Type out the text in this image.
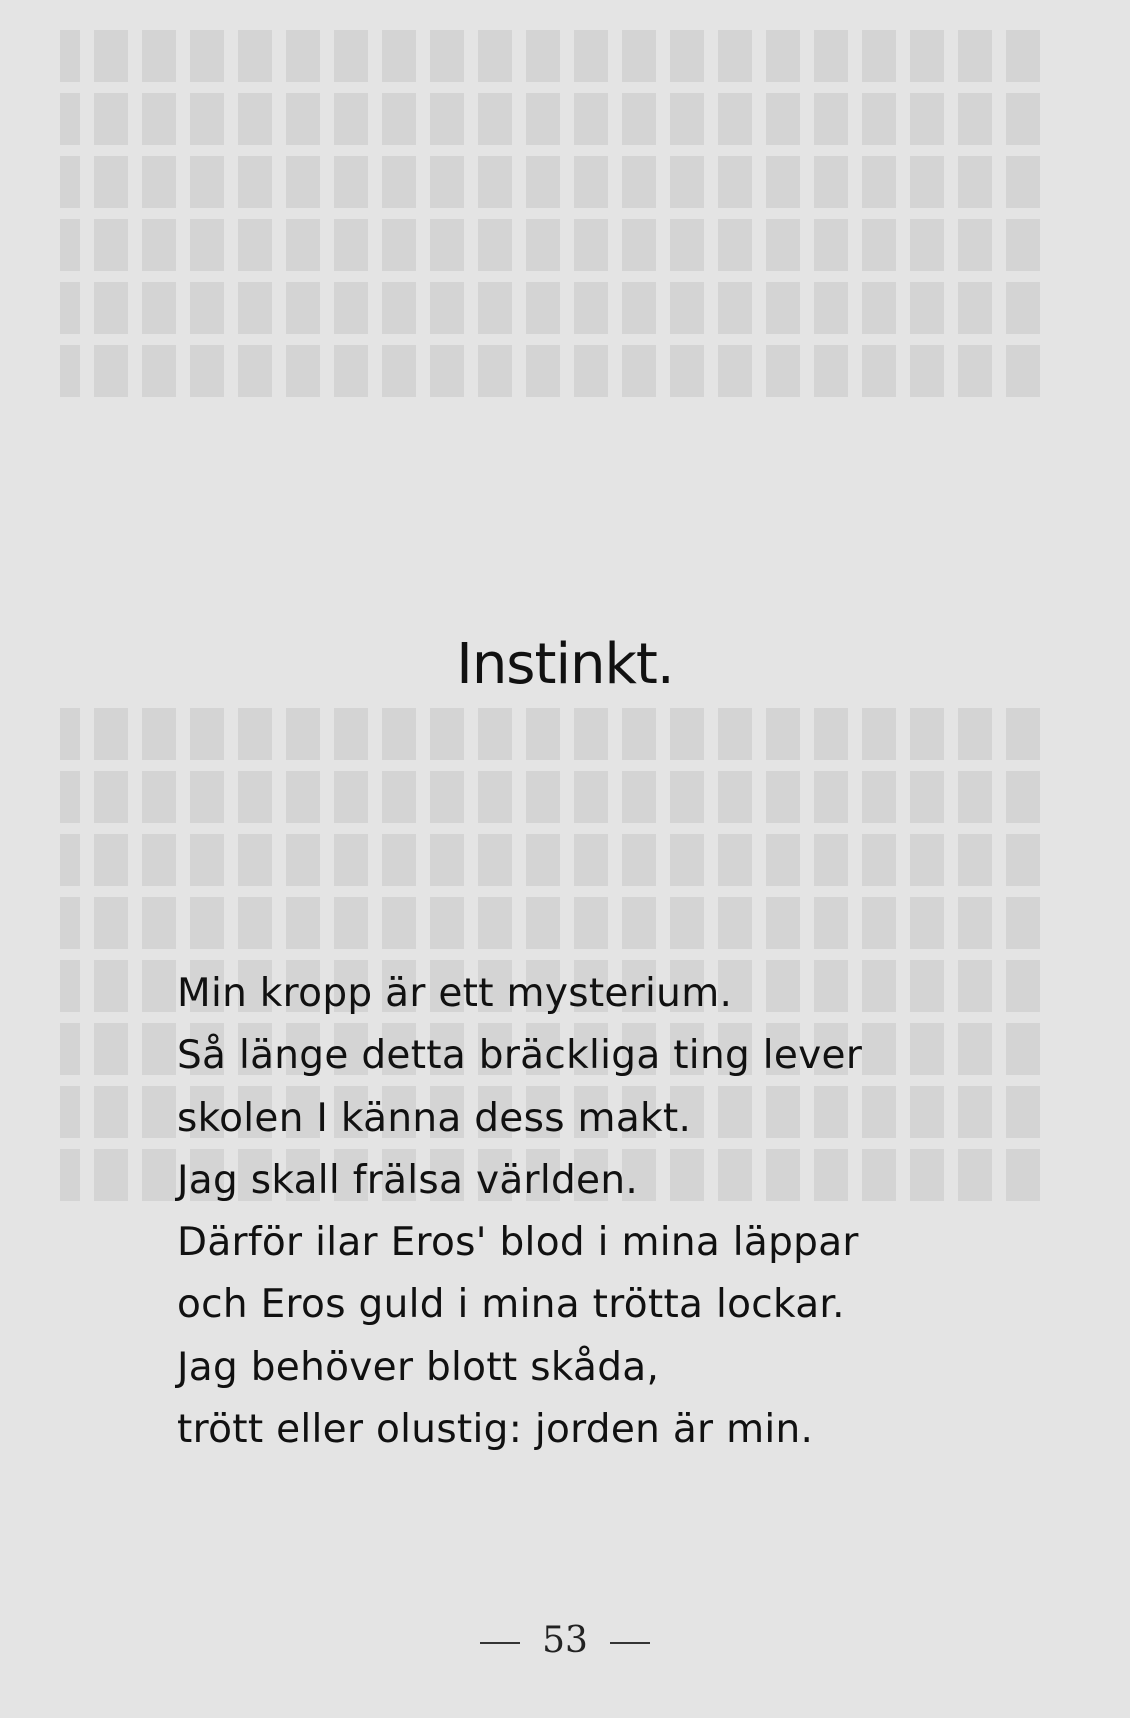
Instinkt.
Min kropp är ett mysterium.
Så länge detta bräckliga ting lever
skolen I känna dess makt.
Jag skall frälsa världen.
Därför ilar Eros' blod i mina läppar
och Eros guld i mina trötta lockar.
Jag behöver blott skåda,
trött eller olustig: jorden är min.
53
